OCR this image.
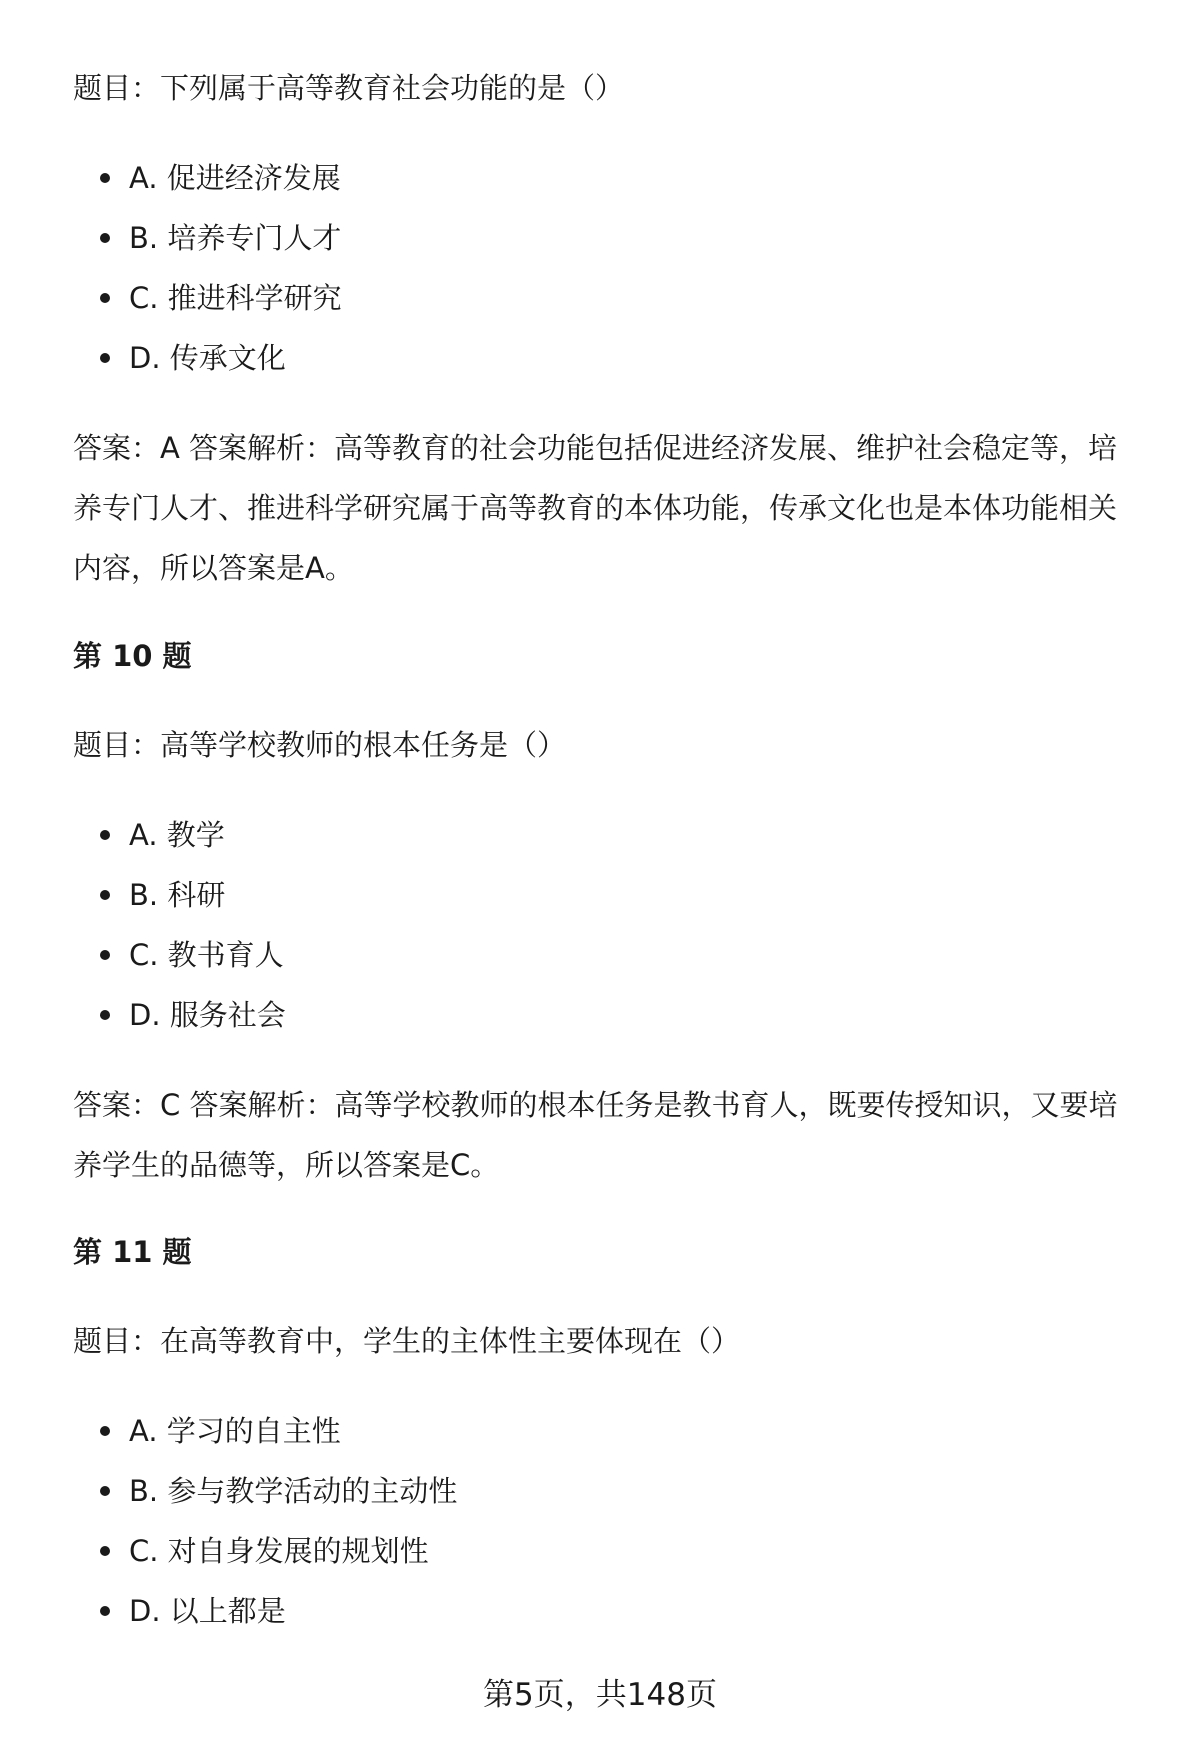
题目：下列属于高等教育社会功能的是（）
A. 促进经济发展
B. 培养专门人才
C. 推进科学研究
D. 传承文化
答案：A 答案解析：高等教育的社会功能包括促进经济发展、维护社会稳定等，培养专门人才、推进科学研究属于高等教育的本体功能，传承文化也是本体功能相关内容，所以答案是A。
第 10 题
题目：高等学校教师的根本任务是（）
A. 教学
B. 科研
C. 教书育人
D. 服务社会
答案：C 答案解析：高等学校教师的根本任务是教书育人，既要传授知识，又要培养学生的品德等，所以答案是C。
第 11 题
题目：在高等教育中，学生的主体性主要体现在（）
A. 学习的自主性
B. 参与教学活动的主动性
C. 对自身发展的规划性
D. 以上都是
第5页，共148页
